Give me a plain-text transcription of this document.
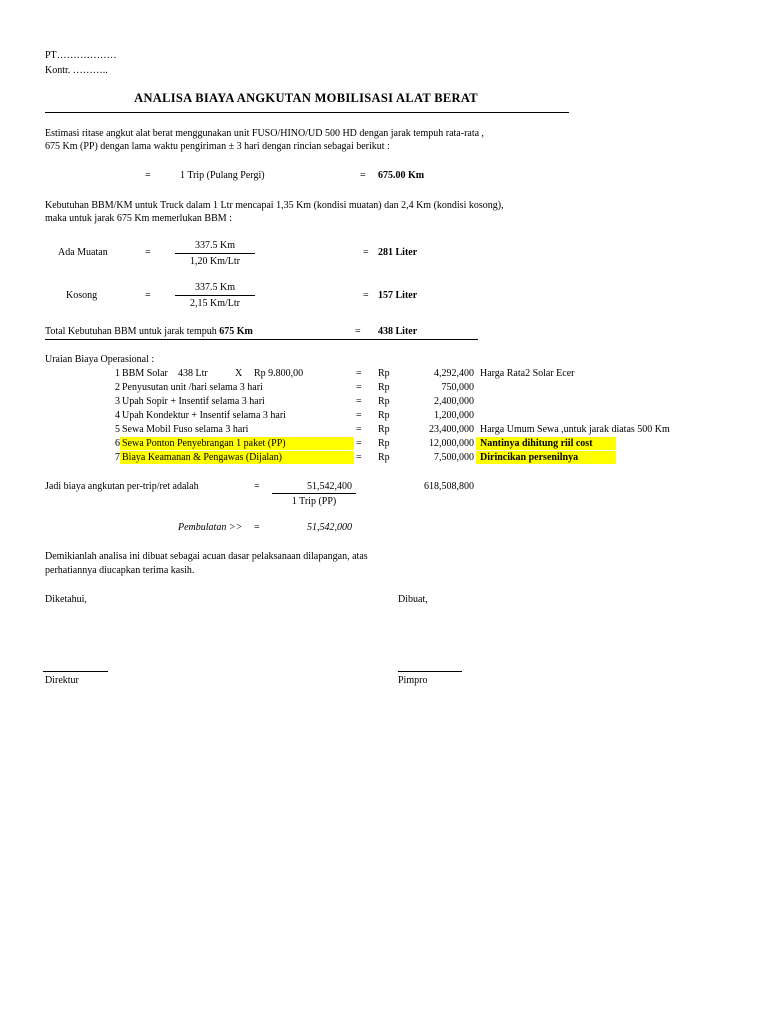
PT………………
Kontr. ………..
ANALISA BIAYA ANGKUTAN MOBILISASI ALAT BERAT
Estimasi ritase angkut alat berat menggunakan unit FUSO/HINO/UD 500 HD dengan jarak tempuh rata-rata ,
675 Km (PP) dengan lama waktu pengiriman ± 3 hari dengan rincian sebagai berikut :
=	1 Trip (Pulang Pergi)	= 675.00 Km
Kebutuhan BBM/KM untuk Truck dalam 1 Ltr mencapai 1,35 Km (kondisi muatan) dan 2,4 Km (kondisi kosong),
maka untuk jarak 675 Km memerlukan BBM :
Ada Muatan	=
337.5 Km
1,20 Km/Ltr
= 281 Liter
Kosong	=
337.5 Km
2,15 Km/Ltr
= 157 Liter
Total Kebutuhan BBM untuk jarak tempuh 675 Km	= 438 Liter
Uraian Biaya Operasional :
1 BBM Solar 438 Ltr	X Rp 9.800,00	= Rp	4,292,400 Harga Rata2 Solar Ecer
2 Penyusutan unit /hari selama 3 hari	= Rp	750,000
3 Upah Sopir + Insentif selama 3 hari	= Rp	2,400,000
4 Upah Kondektur + Insentif selama 3 hari	= Rp	1,200,000
5 Sewa Mobil Fuso selama 3 hari	= Rp	23,400,000 Harga Umum Sewa ,untuk jarak diatas 500 Km
6 Sewa Ponton Penyebrangan 1 paket (PP)	= Rp	12,000,000 Nantinya dihitung riil cost
7 Biaya Keamanan & Pengawas (Dijalan)	= Rp	7,500,000 Dirincikan persenilnya
Jadi biaya angkutan per-trip/ret adalah	=	51,542,400
1 Trip (PP)
618,508,800
Pembulatan >> =	51,542,000
Demikianlah analisa ini dibuat sebagai acuan dasar pelaksanaan dilapangan, atas
perhatiannya diucapkan terima kasih.
Diketahui,	Dibuat,
Direktur	Pimpro
